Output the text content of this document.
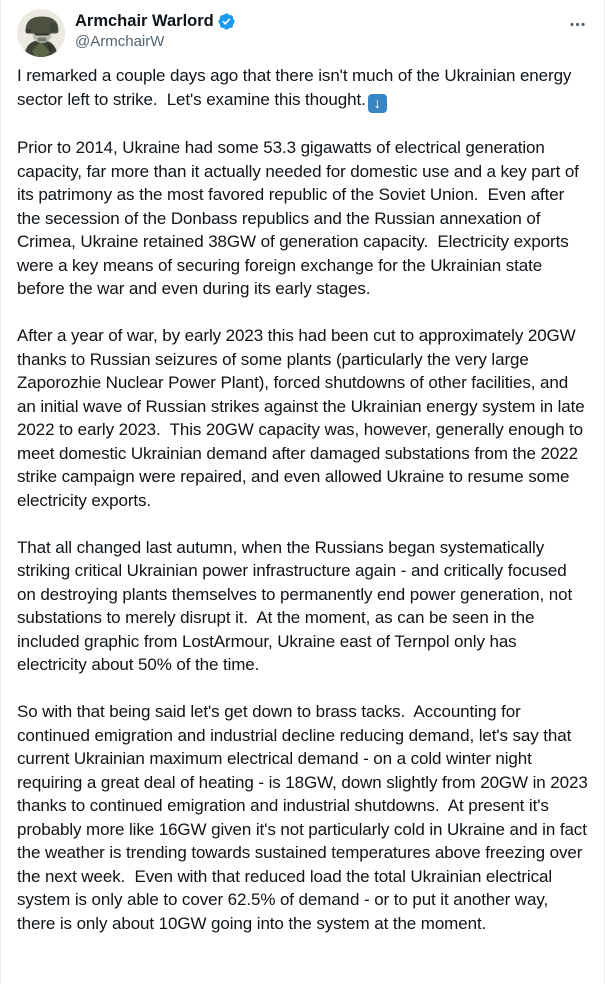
Armchair Warlord
@ArmchairW

I remarked a couple days ago that there isn't much of the Ukrainian energy sector left to strike.  Let's examine this thought. ↓

Prior to 2014, Ukraine had some 53.3 gigawatts of electrical generation capacity, far more than it actually needed for domestic use and a key part of its patrimony as the most favored republic of the Soviet Union.  Even after the secession of the Donbass republics and the Russian annexation of Crimea, Ukraine retained 38GW of generation capacity.  Electricity exports were a key means of securing foreign exchange for the Ukrainian state before the war and even during its early stages.

After a year of war, by early 2023 this had been cut to approximately 20GW thanks to Russian seizures of some plants (particularly the very large Zaporozhie Nuclear Power Plant), forced shutdowns of other facilities, and an initial wave of Russian strikes against the Ukrainian energy system in late 2022 to early 2023.  This 20GW capacity was, however, generally enough to meet domestic Ukrainian demand after damaged substations from the 2022 strike campaign were repaired, and even allowed Ukraine to resume some electricity exports.

That all changed last autumn, when the Russians began systematically striking critical Ukrainian power infrastructure again - and critically focused on destroying plants themselves to permanently end power generation, not substations to merely disrupt it.  At the moment, as can be seen in the included graphic from LostArmour, Ukraine east of Ternpol only has electricity about 50% of the time.

So with that being said let's get down to brass tacks.  Accounting for continued emigration and industrial decline reducing demand, let's say that current Ukrainian maximum electrical demand - on a cold winter night requiring a great deal of heating - is 18GW, down slightly from 20GW in 2023 thanks to continued emigration and industrial shutdowns.  At present it's probably more like 16GW given it's not particularly cold in Ukraine and in fact the weather is trending towards sustained temperatures above freezing over the next week.  Even with that reduced load the total Ukrainian electrical system is only able to cover 62.5% of demand - or to put it another way, there is only about 10GW going into the system at the moment.
